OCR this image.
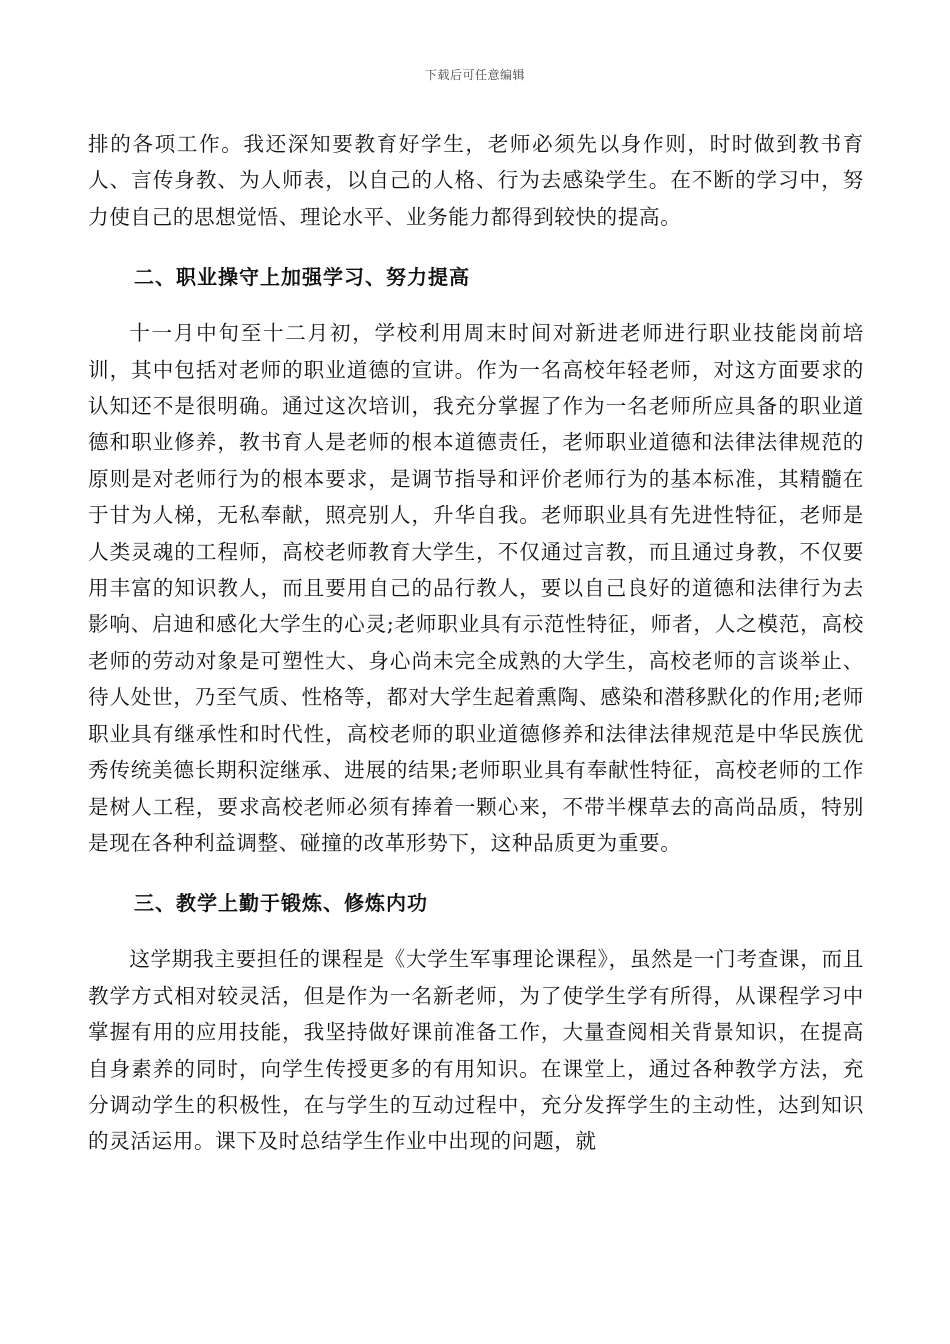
下载后可任意编辑

排的各项工作。我还深知要教育好学生，老师必须先以身作则，时时做到教书育人、言传身教、为人师表，以自己的人格、行为去感染学生。在不断的学习中，努力使自己的思想觉悟、理论水平、业务能力都得到较快的提高。

二、职业操守上加强学习、努力提高

十一月中旬至十二月初，学校利用周末时间对新进老师进行职业技能岗前培训，其中包括对老师的职业道德的宣讲。作为一名高校年轻老师，对这方面要求的认知还不是很明确。通过这次培训，我充分掌握了作为一名老师所应具备的职业道德和职业修养，教书育人是老师的根本道德责任，老师职业道德和法律法律规范的原则是对老师行为的根本要求，是调节指导和评价老师行为的基本标准，其精髓在于甘为人梯，无私奉献，照亮别人，升华自我。老师职业具有先进性特征，老师是人类灵魂的工程师，高校老师教育大学生，不仅通过言教，而且通过身教，不仅要用丰富的知识教人，而且要用自己的品行教人，要以自己良好的道德和法律行为去影响、启迪和感化大学生的心灵;老师职业具有示范性特征，师者，人之模范，高校老师的劳动对象是可塑性大、身心尚未完全成熟的大学生，高校老师的言谈举止、待人处世，乃至气质、性格等，都对大学生起着熏陶、感染和潜移默化的作用;老师职业具有继承性和时代性，高校老师的职业道德修养和法律法律规范是中华民族优秀传统美德长期积淀继承、进展的结果;老师职业具有奉献性特征，高校老师的工作是树人工程，要求高校老师必须有捧着一颗心来，不带半棵草去的高尚品质，特别是现在各种利益调整、碰撞的改革形势下，这种品质更为重要。

三、教学上勤于锻炼、修炼内功

这学期我主要担任的课程是《大学生军事理论课程》，虽然是一门考查课，而且教学方式相对较灵活，但是作为一名新老师，为了使学生学有所得，从课程学习中掌握有用的应用技能，我坚持做好课前准备工作，大量查阅相关背景知识，在提高自身素养的同时，向学生传授更多的有用知识。在课堂上，通过各种教学方法，充分调动学生的积极性，在与学生的互动过程中，充分发挥学生的主动性，达到知识的灵活运用。课下及时总结学生作业中出现的问题，就
